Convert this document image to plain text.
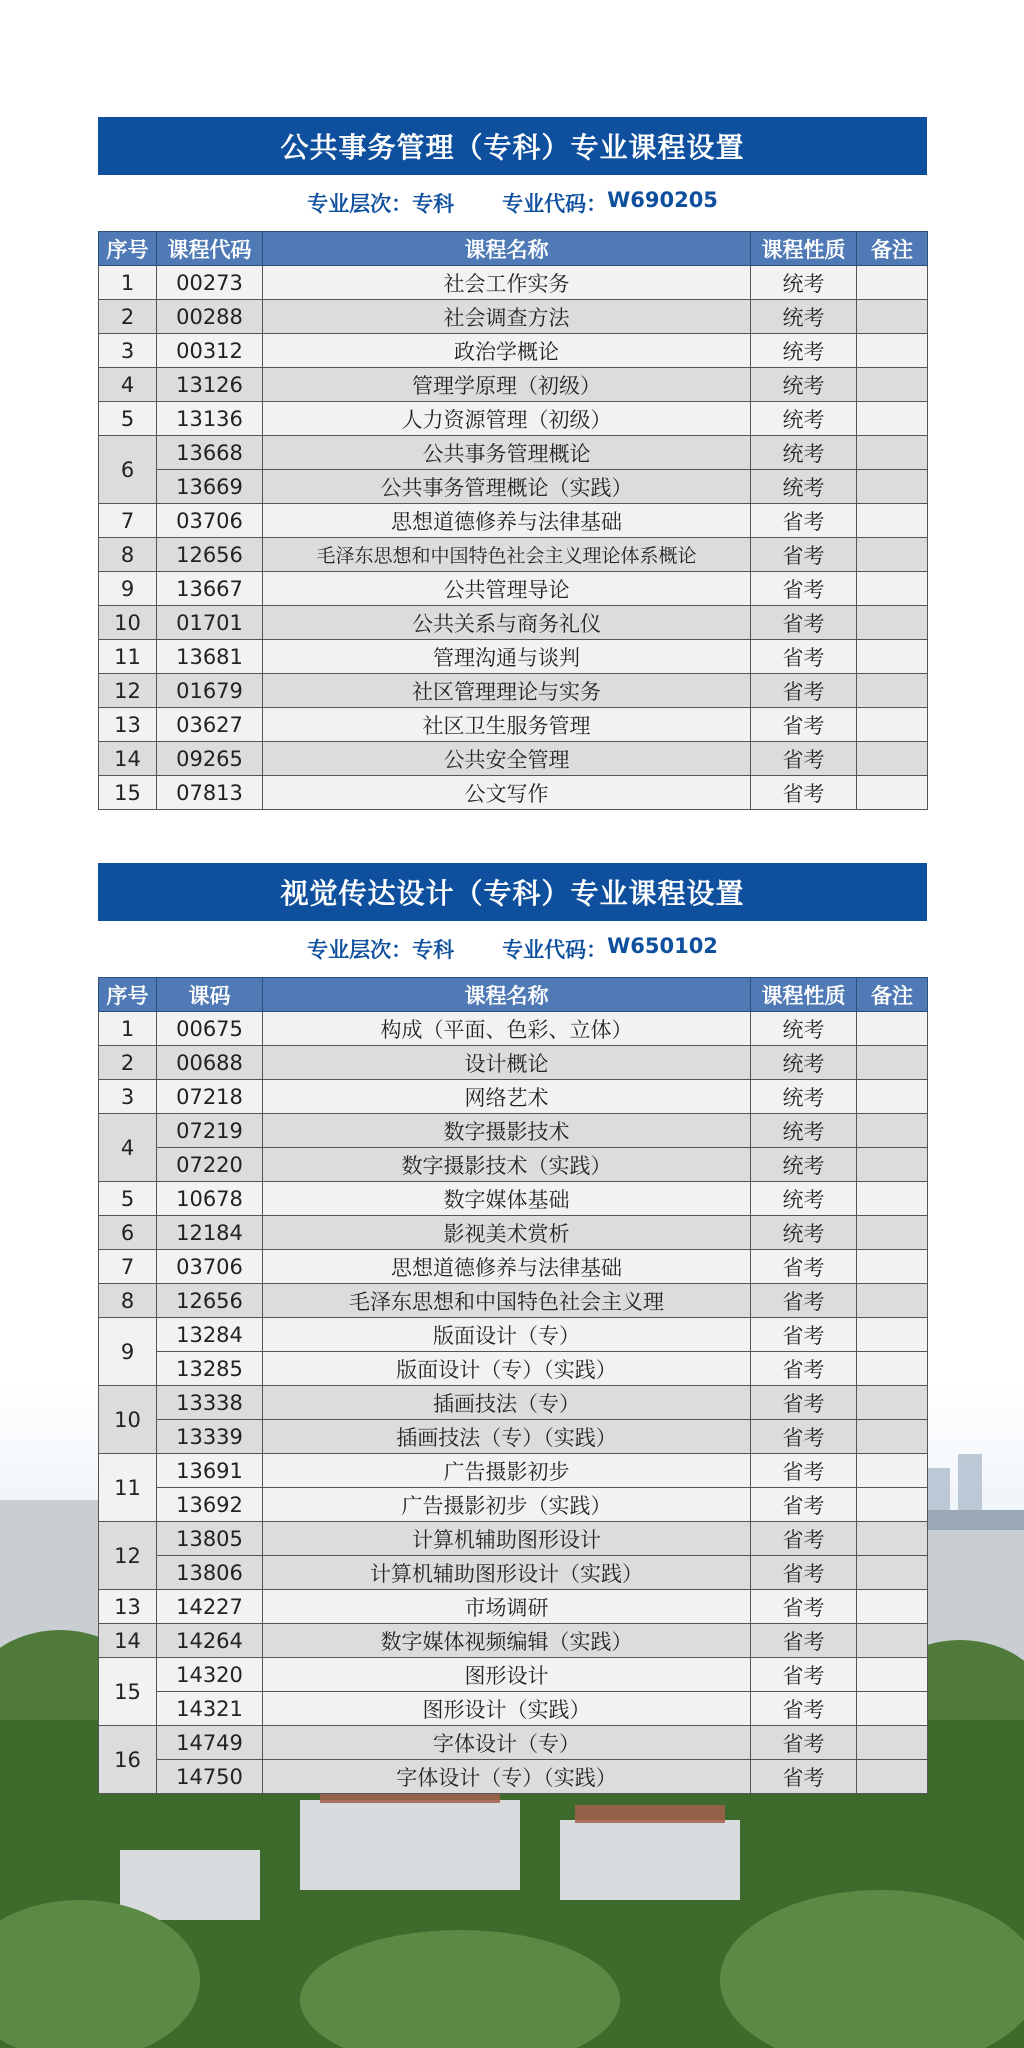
公共事务管理（专科）专业课程设置
专业层次： 专科 专业代码： W690205
序号	课程代码	课程名称	课程性质	备注
1	00273	社会工作实务	统考	
2	00288	社会调查方法	统考	
3	00312	政治学概论	统考	
4	13126	管理学原理（初级）	统考	
5	13136	人力资源管理（初级）	统考	
6	13668	公共事务管理概论	统考	
	13669	公共事务管理概论（实践）	统考	
7	03706	思想道德修养与法律基础	省考	
8	12656	毛泽东思想和中国特色社会主义理论体系概论	省考	
9	13667	公共管理导论	省考	
10	01701	公共关系与商务礼仪	省考	
11	13681	管理沟通与谈判	省考	
12	01679	社区管理理论与实务	省考	
13	03627	社区卫生服务管理	省考	
14	09265	公共安全管理	省考	
15	07813	公文写作	省考	
视觉传达设计（专科）专业课程设置
专业层次： 专科 专业代码： W650102
序号	课码	课程名称	课程性质	备注
1	00675	构成（平面、色彩、立体）	统考	
2	00688	设计概论	统考	
3	07218	网络艺术	统考	
4	07219	数字摄影技术	统考	
	07220	数字摄影技术（实践）	统考	
5	10678	数字媒体基础	统考	
6	12184	影视美术赏析	统考	
7	03706	思想道德修养与法律基础	省考	
8	12656	毛泽东思想和中国特色社会主义理	省考	
9	13284	版面设计（专）	省考	
	13285	版面设计（专）（实践）	省考	
10	13338	插画技法（专）	省考	
	13339	插画技法（专）（实践）	省考	
11	13691	广告摄影初步	省考	
	13692	广告摄影初步（实践）	省考	
12	13805	计算机辅助图形设计	省考	
	13806	计算机辅助图形设计（实践）	省考	
13	14227	市场调研	省考	
14	14264	数字媒体视频编辑（实践）	省考	
15	14320	图形设计	省考	
	14321	图形设计（实践）	省考	
16	14749	字体设计（专）	省考	
	14750	字体设计（专）（实践）	省考	
